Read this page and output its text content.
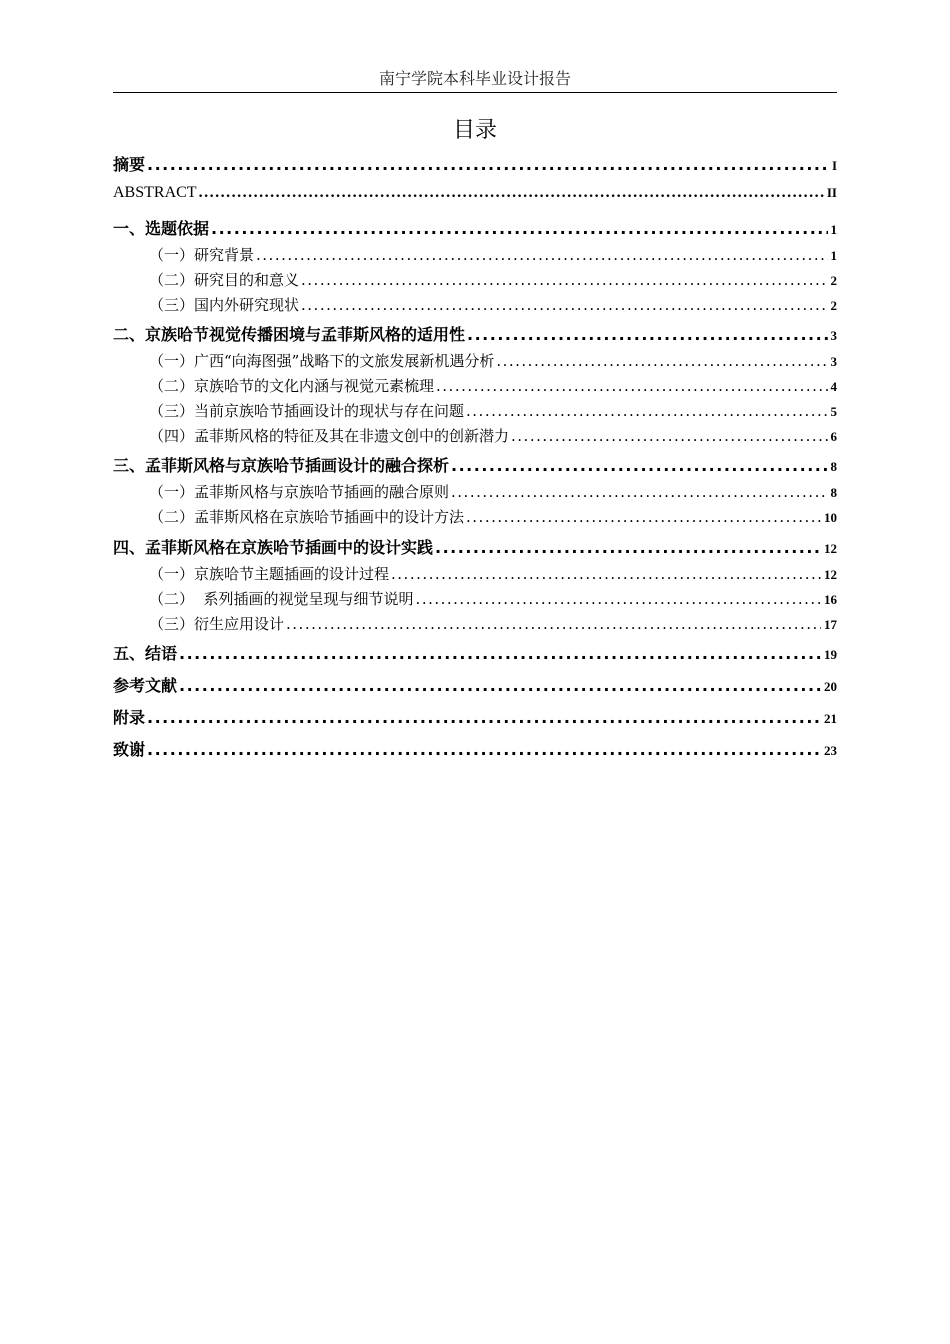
南宁学院本科毕业设计报告
目录
摘要 .....	I
ABSTRACT .....	II
一、选题依据 .....	1
（一）研究背景 .....	1
（二）研究目的和意义 .....	2
（三）国内外研究现状 .....	2
二、京族哈节视觉传播困境与孟菲斯风格的适用性 .....	3
（一）广西“向海图强”战略下的文旅发展新机遇分析 .....	3
（二）京族哈节的文化内涵与视觉元素梳理 .....	4
（三）当前京族哈节插画设计的现状与存在问题 .....	5
（四）孟菲斯风格的特征及其在非遗文创中的创新潜力 .....	6
三、孟菲斯风格与京族哈节插画设计的融合探析 .....	8
（一）孟菲斯风格与京族哈节插画的融合原则 .....	8
（二）孟菲斯风格在京族哈节插画中的设计方法 .....	10
四、孟菲斯风格在京族哈节插画中的设计实践 .....	12
（一）京族哈节主题插画的设计过程 .....	12
（二）  系列插画的视觉呈现与细节说明 .....	16
（三）衍生应用设计 .....	17
五、结语 .....	19
参考文献 .....	20
附录 .....	21
致谢 .....	23
